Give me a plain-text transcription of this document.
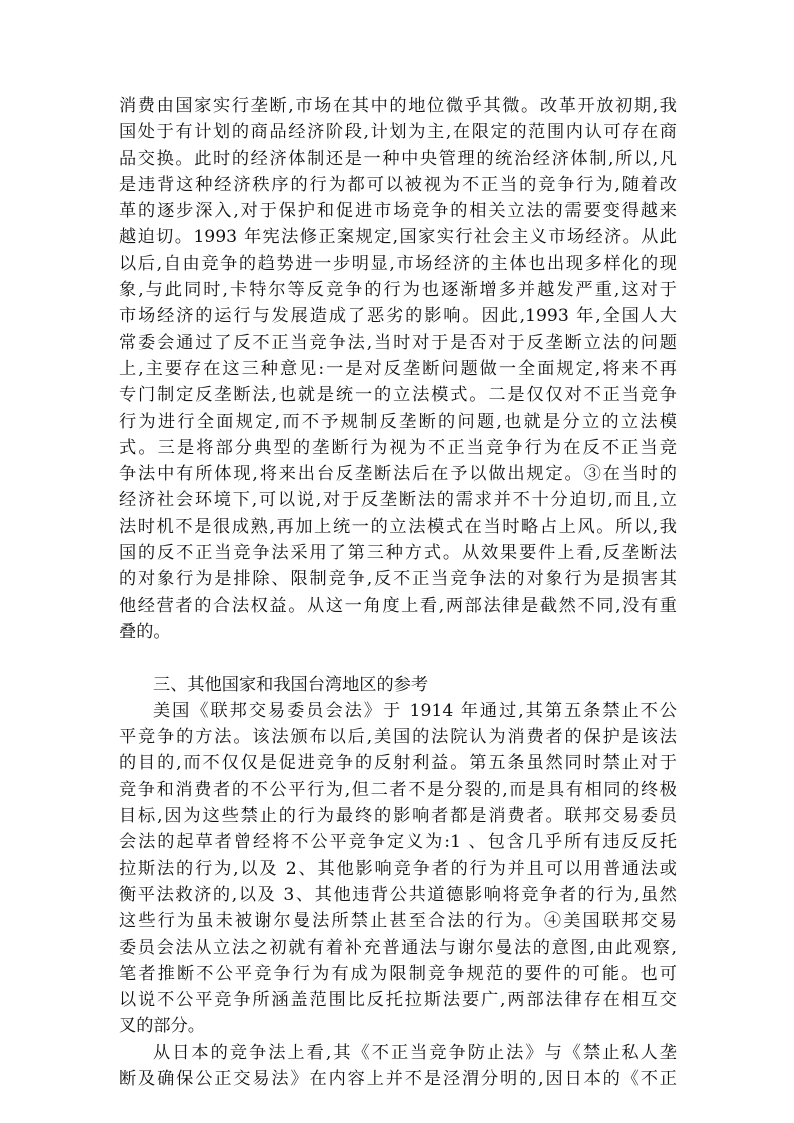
消费由国家实行垄断,市场在其中的地位微乎其微。改革开放初期,我
国处于有计划的商品经济阶段,计划为主,在限定的范围内认可存在商
品交换。此时的经济体制还是一种中央管理的统治经济体制,所以,凡
是违背这种经济秩序的行为都可以被视为不正当的竞争行为,随着改
革的逐步深入,对于保护和促进市场竞争的相关立法的需要变得越来
越迫切。1993 年宪法修正案规定,国家实行社会主义市场经济。从此
以后,自由竞争的趋势进一步明显,市场经济的主体也出现多样化的现
象,与此同时,卡特尔等反竞争的行为也逐渐增多并越发严重,这对于
市场经济的运行与发展造成了恶劣的影响。因此,1993 年,全国人大
常委会通过了反不正当竞争法,当时对于是否对于反垄断立法的问题
上,主要存在这三种意见:一是对反垄断问题做一全面规定,将来不再
专门制定反垄断法,也就是统一的立法模式。二是仅仅对不正当竞争
行为进行全面规定,而不予规制反垄断的问题,也就是分立的立法模
式。三是将部分典型的垄断行为视为不正当竞争行为在反不正当竞
争法中有所体现,将来出台反垄断法后在予以做出规定。③在当时的
经济社会环境下,可以说,对于反垄断法的需求并不十分迫切,而且,立
法时机不是很成熟,再加上统一的立法模式在当时略占上风。所以,我
国的反不正当竞争法采用了第三种方式。从效果要件上看,反垄断法
的对象行为是排除、限制竞争,反不正当竞争法的对象行为是损害其
他经营者的合法权益。从这一角度上看,两部法律是截然不同,没有重
叠的。
三、其他国家和我国台湾地区的参考
美国《联邦交易委员会法》于 1914 年通过,其第五条禁止不公
平竞争的方法。该法颁布以后,美国的法院认为消费者的保护是该法
的目的,而不仅仅是促进竞争的反射利益。第五条虽然同时禁止对于
竞争和消费者的不公平行为,但二者不是分裂的,而是具有相同的终极
目标,因为这些禁止的行为最终的影响者都是消费者。联邦交易委员
会法的起草者曾经将不公平竞争定义为:1 、包含几乎所有违反反托
拉斯法的行为,以及 2、其他影响竞争者的行为并且可以用普通法或
衡平法救济的,以及 3、其他违背公共道德影响将竞争者的行为,虽然
这些行为虽未被谢尔曼法所禁止甚至合法的行为。④美国联邦交易
委员会法从立法之初就有着补充普通法与谢尔曼法的意图,由此观察,
笔者推断不公平竞争行为有成为限制竞争规范的要件的可能。也可
以说不公平竞争所涵盖范围比反托拉斯法要广,两部法律存在相互交
叉的部分。
从日本的竞争法上看,其《不正当竞争防止法》与《禁止私人垄
断及确保公正交易法》在内容上并不是泾渭分明的,因日本的《不正
